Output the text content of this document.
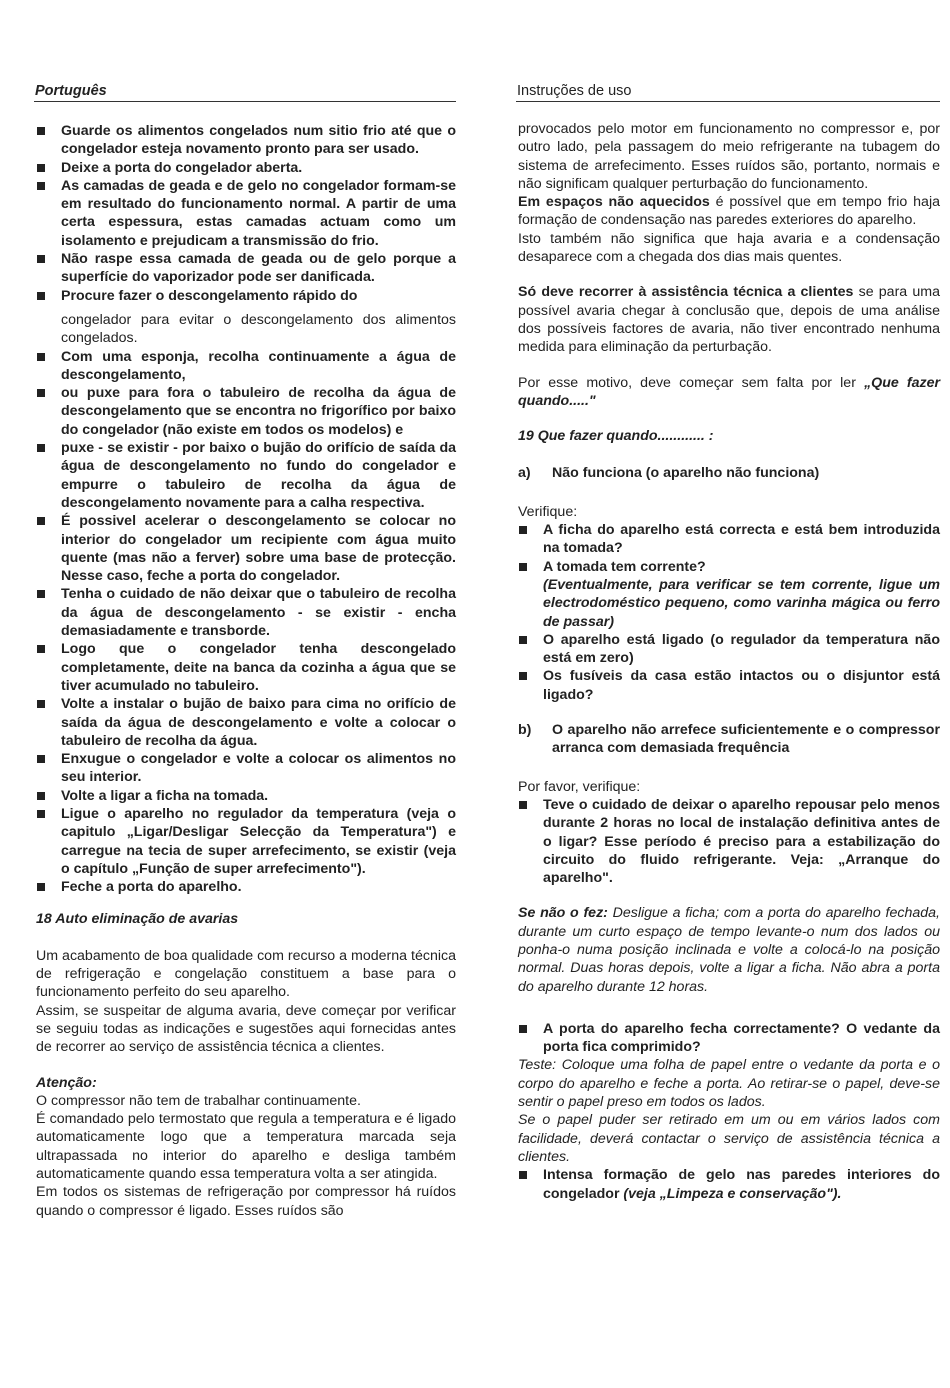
Português	Instruções de uso
Guarde os alimentos congelados num sitio frio até que o congelador esteja novamento pronto para ser usado.
Deixe a porta do congelador aberta.
As camadas de geada e de gelo no congelador formam-se em resultado do funcionamento normal. A partir de uma certa espessura, estas camadas actuam como um isolamento e prejudicam a transmissão do frio.
Não raspe essa camada de geada ou de gelo porque a superfície do vaporizador pode ser danificada.
Procure fazer o descongelamento rápido do

congelador para evitar o descongelamento dos alimentos congelados.

Com uma esponja, recolha continuamente a água de descongelamento,
ou puxe para fora o tabuleiro de recolha da água de descongelamento que se encontra no frigorífico por baixo do congelador (não existe em todos os modelos) e
puxe - se existir - por baixo o bujão do orifício de saída da água de descongelamento no fundo do congelador e empurre o tabuleiro de recolha da água de descongelamento novamente para a calha respectiva.
É possivel acelerar o descongelamento se colocar no interior do congelador um recipiente com água muito quente (mas não a ferver) sobre uma base de protecção. Nesse caso, feche a porta do congelador.
Tenha o cuidado de não deixar que o tabuleiro de recolha da água de descongelamento - se existir - encha demasiadamente e transborde.
Logo que o congelador tenha descongelado completamente, deite na banca da cozinha a água que se tiver acumulado no tabuleiro.
Volte a instalar o bujão de baixo para cima no orifício de saída da água de descongelamento e volte a colocar o tabuleiro de recolha da água.
Enxugue o congelador e volte a colocar os alimentos no seu interior.
Volte a ligar a ficha na tomada.
Ligue o aparelho no regulador da temperatura (veja o capitulo „Ligar/Desligar Selecção da Temperatura") e carregue na tecia de super arrefecimento, se existir (veja o capítulo „Função de super arrefecimento").
Feche a porta do aparelho.

18 Auto eliminação de avarias

Um acabamento de boa qualidade com recurso a moderna técnica de refrigeração e congelação constituem a base para o funcionamento perfeito do seu aparelho.

Assim, se suspeitar de alguma avaria, deve começar por verificar se seguiu todas as indicações e sugestões aqui fornecidas antes de recorrer ao serviço de assistência técnica a clientes.

Atenção:

O compressor não tem de trabalhar continuamente.

É comandado pelo termostato que regula a temperatura e é ligado automaticamente logo que a temperatura marcada seja ultrapassada no interior do aparelho e desliga também automaticamente quando essa temperatura volta a ser atingida.

Em todos os sistemas de refrigeração por compressor há ruídos quando o compressor é ligado. Esses ruídos são

provocados pelo motor em funcionamento no compressor e, por outro lado, pela passagem do meio refrigerante na tubagem do sistema de arrefecimento. Esses ruídos são, portanto, normais e não significam qualquer perturbação do funcionamento.

Em espaços não aquecidos é possível que em tempo frio haja formação de condensação nas paredes exteriores do aparelho.

Isto também não significa que haja avaria e a condensação desaparece com a chegada dos dias mais quentes.

Só deve recorrer à assistência técnica a clientes se para uma possível avaria chegar à conclusão que, depois de uma análise dos possíveis factores de avaria, não tiver encontrado nenhuma medida para eliminação da perturbação.

Por esse motivo, deve começar sem falta por ler „Que fazer quando....."

19 Que fazer quando............ :

a)	Não funciona (o aparelho não funciona)

Verifique:

A ficha do aparelho está correcta e está bem introduzida na tomada?
A tomada tem corrente?
(Eventualmente, para verificar se tem corrente, ligue um electrodoméstico pequeno, como varinha mágica ou ferro de passar)
O aparelho está ligado (o regulador da temperatura não está em zero)
Os fusíveis da casa estão intactos ou o disjuntor está ligado?
b)	O aparelho não arrefece suficientemente e o compressor arranca com demasiada frequência

Por favor, verifique:

Teve o cuidado de deixar o aparelho repousar pelo menos durante 2 horas no local de instalação definitiva antes de o ligar? Esse período é preciso para a estabilização do circuito do fluido refrigerante. Veja: „Arranque do aparelho".

Se não o fez: Desligue a ficha; com a porta do aparelho fechada, durante um curto espaço de tempo levante-o num dos lados ou ponha-o numa posição inclinada e volte a colocá-lo na posição normal. Duas horas depois, volte a ligar a ficha. Não abra a porta do aparelho durante 12 horas.

A porta do aparelho fecha correctamente? O vedante da porta fica comprimido?

Teste: Coloque uma folha de papel entre o vedante da porta e o corpo do aparelho e feche a porta. Ao retirar-se o papel, deve-se sentir o papel preso em todos os lados.

Se o papel puder ser retirado em um ou em vários lados com facilidade, deverá contactar o serviço de assistência técnica a clientes.

Intensa formação de gelo nas paredes interiores do congelador (veja „Limpeza e conservação").
